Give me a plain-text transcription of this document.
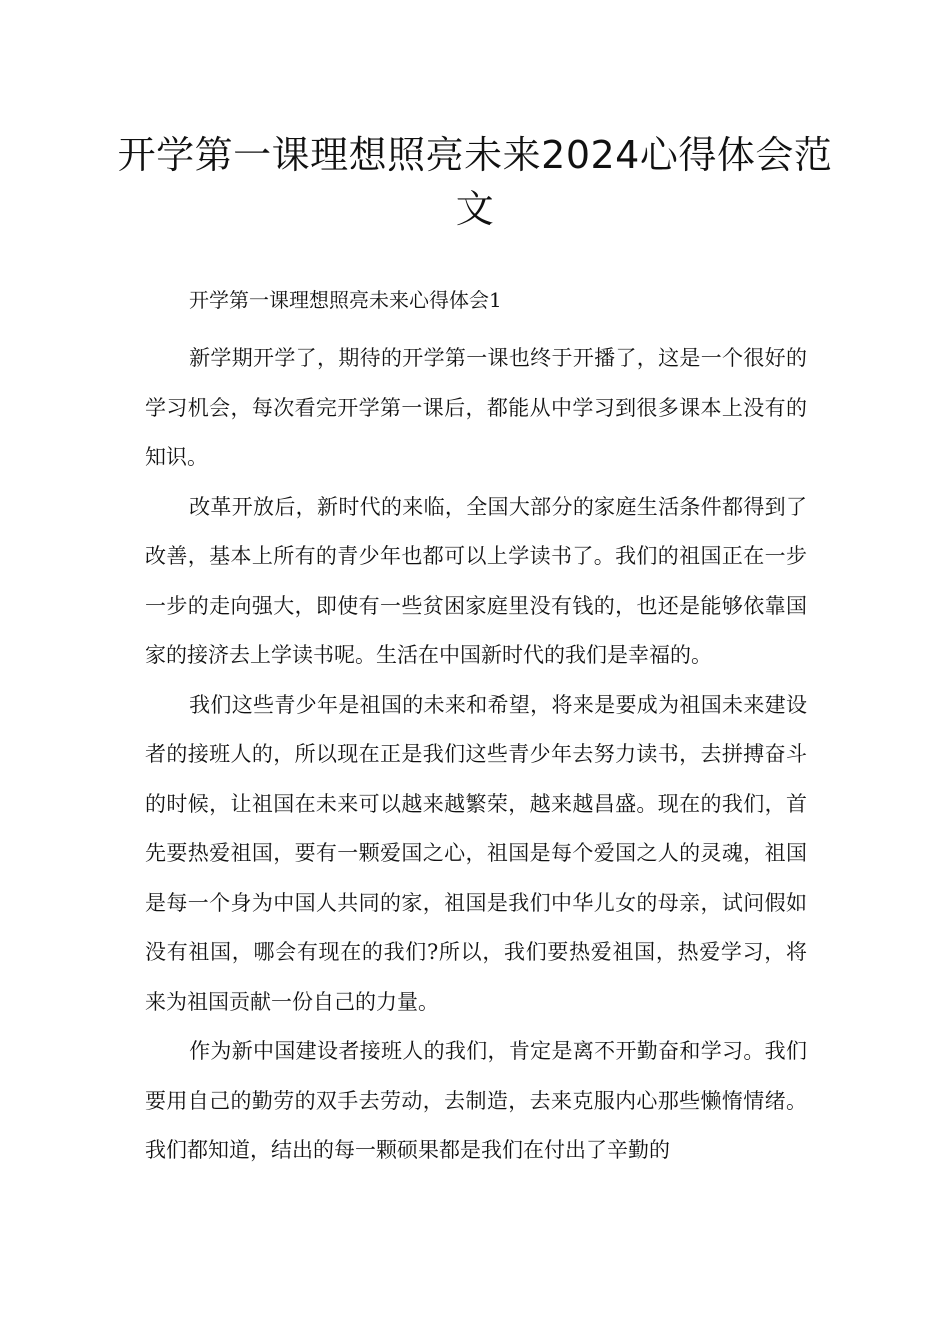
开学第一课理想照亮未来2024心得体会范文
开学第一课理想照亮未来心得体会1

新学期开学了，期待的开学第一课也终于开播了，这是一个很好的学习机会，每次看完开学第一课后，都能从中学习到很多课本上没有的知识。

改革开放后，新时代的来临，全国大部分的家庭生活条件都得到了改善，基本上所有的青少年也都可以上学读书了。我们的祖国正在一步一步的走向强大，即使有一些贫困家庭里没有钱的，也还是能够依靠国家的接济去上学读书呢。生活在中国新时代的我们是幸福的。

我们这些青少年是祖国的未来和希望，将来是要成为祖国未来建设者的接班人的，所以现在正是我们这些青少年去努力读书，去拼搏奋斗的时候，让祖国在未来可以越来越繁荣，越来越昌盛。现在的我们，首先要热爱祖国，要有一颗爱国之心，祖国是每个爱国之人的灵魂，祖国是每一个身为中国人共同的家，祖国是我们中华儿女的母亲，试问假如没有祖国，哪会有现在的我们?所以，我们要热爱祖国，热爱学习，将来为祖国贡献一份自己的力量。

作为新中国建设者接班人的我们，肯定是离不开勤奋和学习。我们要用自己的勤劳的双手去劳动，去制造，去来克服内心那些懒惰情绪。我们都知道，结出的每一颗硕果都是我们在付出了辛勤的
